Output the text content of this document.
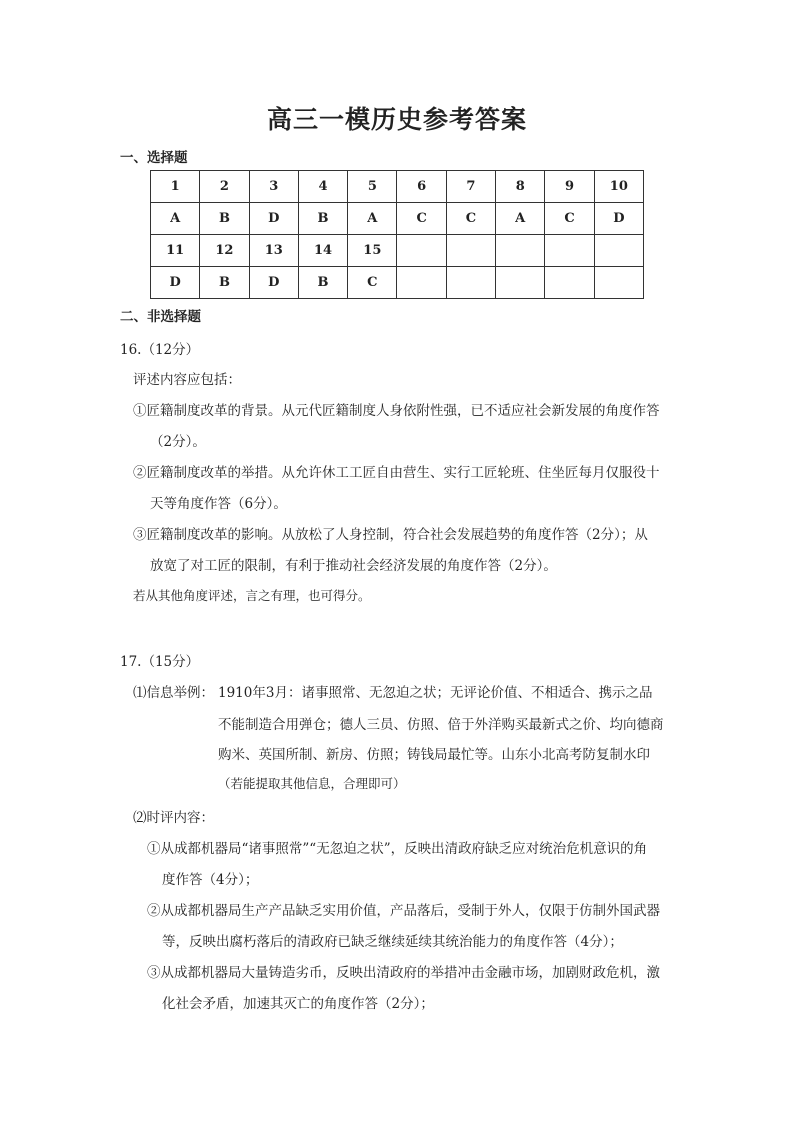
高三一模历史参考答案
一、选择题
1	2	3	4	5	6	7	8	9	10
A	B	D	B	A	C	C	A	C	D
11	12	13	14	15					
D	B	D	B	C					
二、非选择题
16.（12分）
评述内容应包括：
①匠籍制度改革的背景。从元代匠籍制度人身依附性强，已不适应社会新发展的角度作答
（2分）。
②匠籍制度改革的举措。从允许休工工匠自由营生、实行工匠轮班、住坐匠每月仅服役十
天等角度作答（6分）。
③匠籍制度改革的影响。从放松了人身控制，符合社会发展趋势的角度作答（2分）；从
放宽了对工匠的限制，有利于推动社会经济发展的角度作答（2分）。
若从其他角度评述，言之有理，也可得分。
17.（15分）
⑴信息举例： 1910年3月：诸事照常、无忽迫之状；无评论价值、不相适合、携示之品
不能制造合用弹仓；德人三员、仿照、倍于外洋购买最新式之价、均向德商
购米、英国所制、新房、仿照；铸钱局最忙等。山东小北高考防复制水印
（若能提取其他信息，合理即可）
⑵时评内容：
①从成都机器局“诸事照常”“无忽迫之状”，反映出清政府缺乏应对统治危机意识的角
度作答（4分）；
②从成都机器局生产产品缺乏实用价值，产品落后，受制于外人，仅限于仿制外国武器
等，反映出腐朽落后的清政府已缺乏继续延续其统治能力的角度作答（4分）；
③从成都机器局大量铸造劣币，反映出清政府的举措冲击金融市场，加剧财政危机，激
化社会矛盾，加速其灭亡的角度作答（2分）；
